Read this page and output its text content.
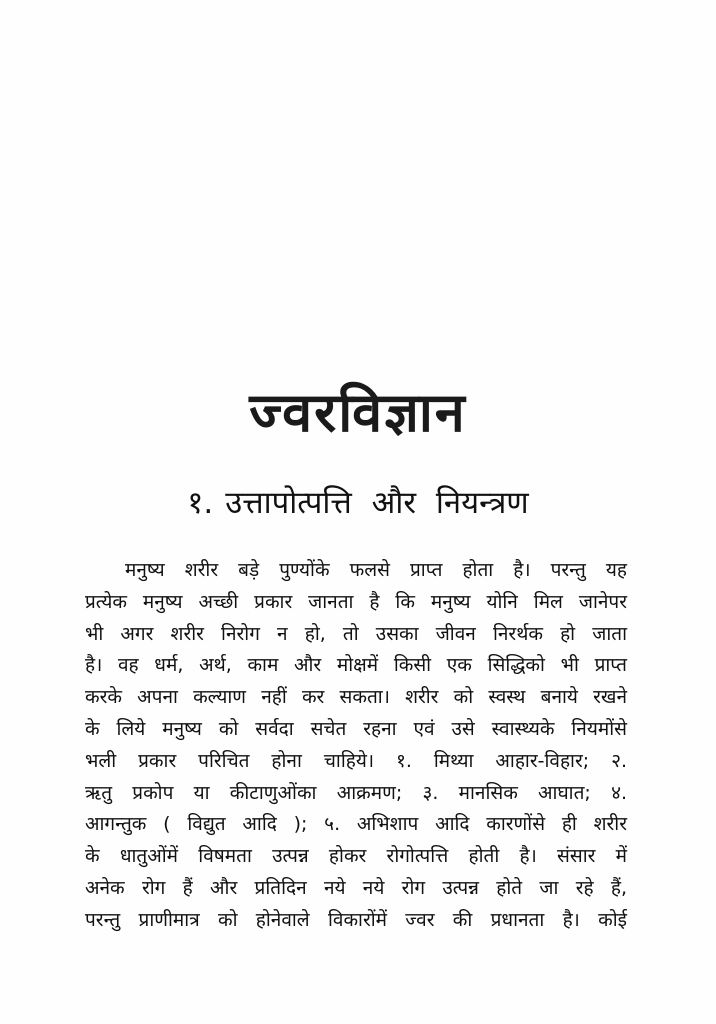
ज्वरविज्ञान
१. उत्तापोत्पत्ति और नियन्त्रण
मनुष्य शरीर बड़े पुण्योंके फलसे प्राप्त होता है। परन्तु यह
प्रत्येक मनुष्य अच्छी प्रकार जानता है कि मनुष्य योनि मिल जानेपर
भी अगर शरीर निरोग न हो, तो उसका जीवन निरर्थक हो जाता
है। वह धर्म, अर्थ, काम और मोक्षमें किसी एक सिद्धिको भी प्राप्त
करके अपना कल्याण नहीं कर सकता। शरीर को स्वस्थ बनाये रखने
के लिये मनुष्य को सर्वदा सचेत रहना एवं उसे स्वास्थ्यके नियमोंसे
भली प्रकार परिचित होना चाहिये। १. मिथ्या आहार-विहार; २.
ऋतु प्रकोप या कीटाणुओंका आक्रमण; ३. मानसिक आघात; ४.
आगन्तुक ( विद्युत आदि ); ५. अभिशाप आदि कारणोंसे ही शरीर
के धातुओंमें विषमता उत्पन्न होकर रोगोत्पत्ति होती है। संसार में
अनेक रोग हैं और प्रतिदिन नये नये रोग उत्पन्न होते जा रहे हैं,
परन्तु प्राणीमात्र को होनेवाले विकारोंमें ज्वर की प्रधानता है। कोई
